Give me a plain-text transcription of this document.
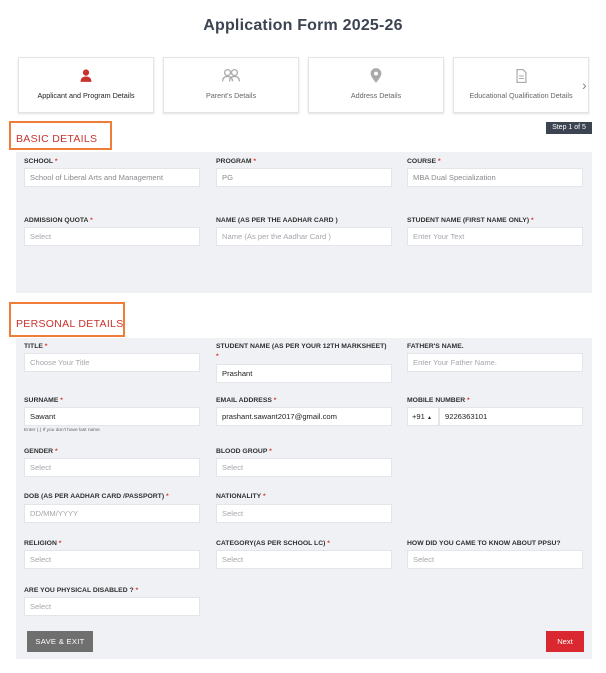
Application Form 2025-26
Applicant and Program Details	Parent's Details	Address Details	Educational Qualification Details
›
Step 1 of 5
BASIC DETAILS
SCHOOL *
School of Liberal Arts and Management
PROGRAM *
PG
COURSE *
MBA Dual Specialization
ADMISSION QUOTA *
Select
NAME (AS PER THE AADHAR CARD )
Name (As per the Aadhar Card )
STUDENT NAME (FIRST NAME ONLY) *
Enter Your Text
PERSONAL DETAILS
TITLE *
Choose Your Title
STUDENT NAME (AS PER YOUR 12TH MARKSHEET)
*
Prashant
FATHER'S NAME.
Enter Your Father Name.
SURNAME *
Sawant
Enter (.) If you don't have last name
EMAIL ADDRESS *
prashant.sawant2017@gmail.com
MOBILE NUMBER *
+91 ▲	9226363101
GENDER *
Select
BLOOD GROUP *
Select
DOB (AS PER AADHAR CARD /PASSPORT) *
DD/MM/YYYY
NATIONALITY *
Select
RELIGION *
Select
CATEGORY(AS PER SCHOOL LC) *
Select
HOW DID YOU CAME TO KNOW ABOUT PPSU?
Select
ARE YOU PHYSICAL DISABLED ? *
Select
SAVE & EXIT	Next
